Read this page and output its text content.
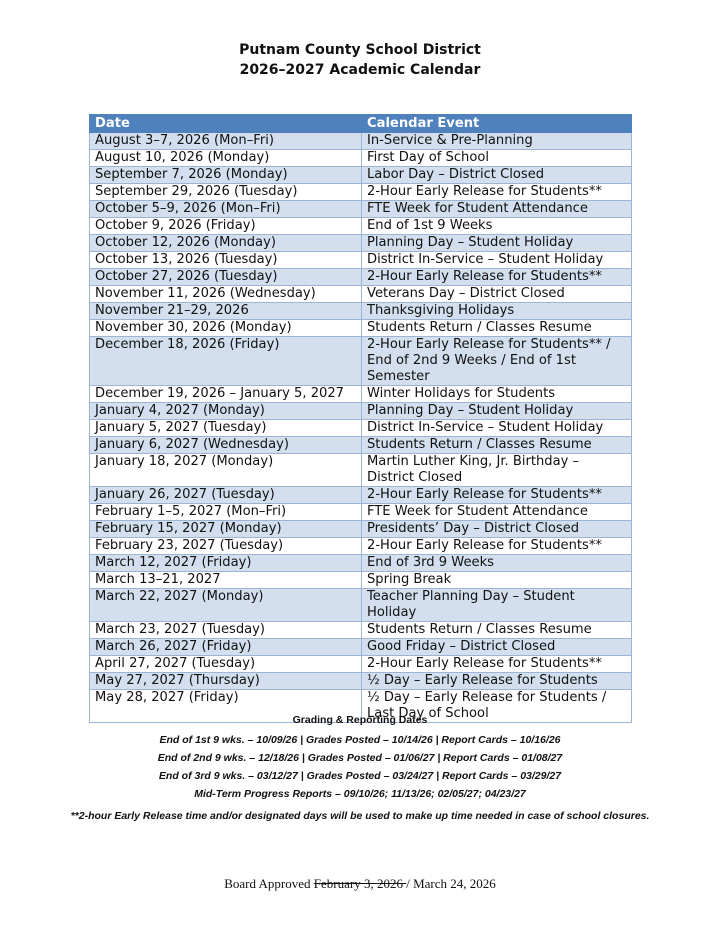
Putnam County School District
2026–2027 Academic Calendar
Date	Calendar Event
August 3–7, 2026 (Mon–Fri)	In-Service & Pre-Planning
August 10, 2026 (Monday)	First Day of School
September 7, 2026 (Monday)	Labor Day – District Closed
September 29, 2026 (Tuesday)	2-Hour Early Release for Students**
October 5–9, 2026 (Mon–Fri)	FTE Week for Student Attendance
October 9, 2026 (Friday)	End of 1st 9 Weeks
October 12, 2026 (Monday)	Planning Day – Student Holiday
October 13, 2026 (Tuesday)	District In-Service – Student Holiday
October 27, 2026 (Tuesday)	2-Hour Early Release for Students**
November 11, 2026 (Wednesday)	Veterans Day – District Closed
November 21–29, 2026	Thanksgiving Holidays
November 30, 2026 (Monday)	Students Return / Classes Resume
December 18, 2026 (Friday)	2-Hour Early Release for Students** / End of 2nd 9 Weeks / End of 1st Semester
December 19, 2026 – January 5, 2027	Winter Holidays for Students
January 4, 2027 (Monday)	Planning Day – Student Holiday
January 5, 2027 (Tuesday)	District In-Service – Student Holiday
January 6, 2027 (Wednesday)	Students Return / Classes Resume
January 18, 2027 (Monday)	Martin Luther King, Jr. Birthday – District Closed
January 26, 2027 (Tuesday)	2-Hour Early Release for Students**
February 1–5, 2027 (Mon–Fri)	FTE Week for Student Attendance
February 15, 2027 (Monday)	Presidents’ Day – District Closed
February 23, 2027 (Tuesday)	2-Hour Early Release for Students**
March 12, 2027 (Friday)	End of 3rd 9 Weeks
March 13–21, 2027	Spring Break
March 22, 2027 (Monday)	Teacher Planning Day – Student Holiday
March 23, 2027 (Tuesday)	Students Return / Classes Resume
March 26, 2027 (Friday)	Good Friday – District Closed
April 27, 2027 (Tuesday)	2-Hour Early Release for Students**
May 27, 2027 (Thursday)	½ Day – Early Release for Students
May 28, 2027 (Friday)	½ Day – Early Release for Students / Last Day of School
Grading & Reporting Dates
End of 1st 9 wks. – 10/09/26 | Grades Posted – 10/14/26 | Report Cards – 10/16/26
End of 2nd 9 wks. – 12/18/26 | Grades Posted – 01/06/27 | Report Cards – 01/08/27
End of 3rd 9 wks. – 03/12/27 | Grades Posted – 03/24/27 | Report Cards – 03/29/27
Mid-Term Progress Reports – 09/10/26; 11/13/26; 02/05/27; 04/23/27
**2-hour Early Release time and/or designated days will be used to make up time needed in case of school closures.
Board Approved February 3, 2026 / March 24, 2026
